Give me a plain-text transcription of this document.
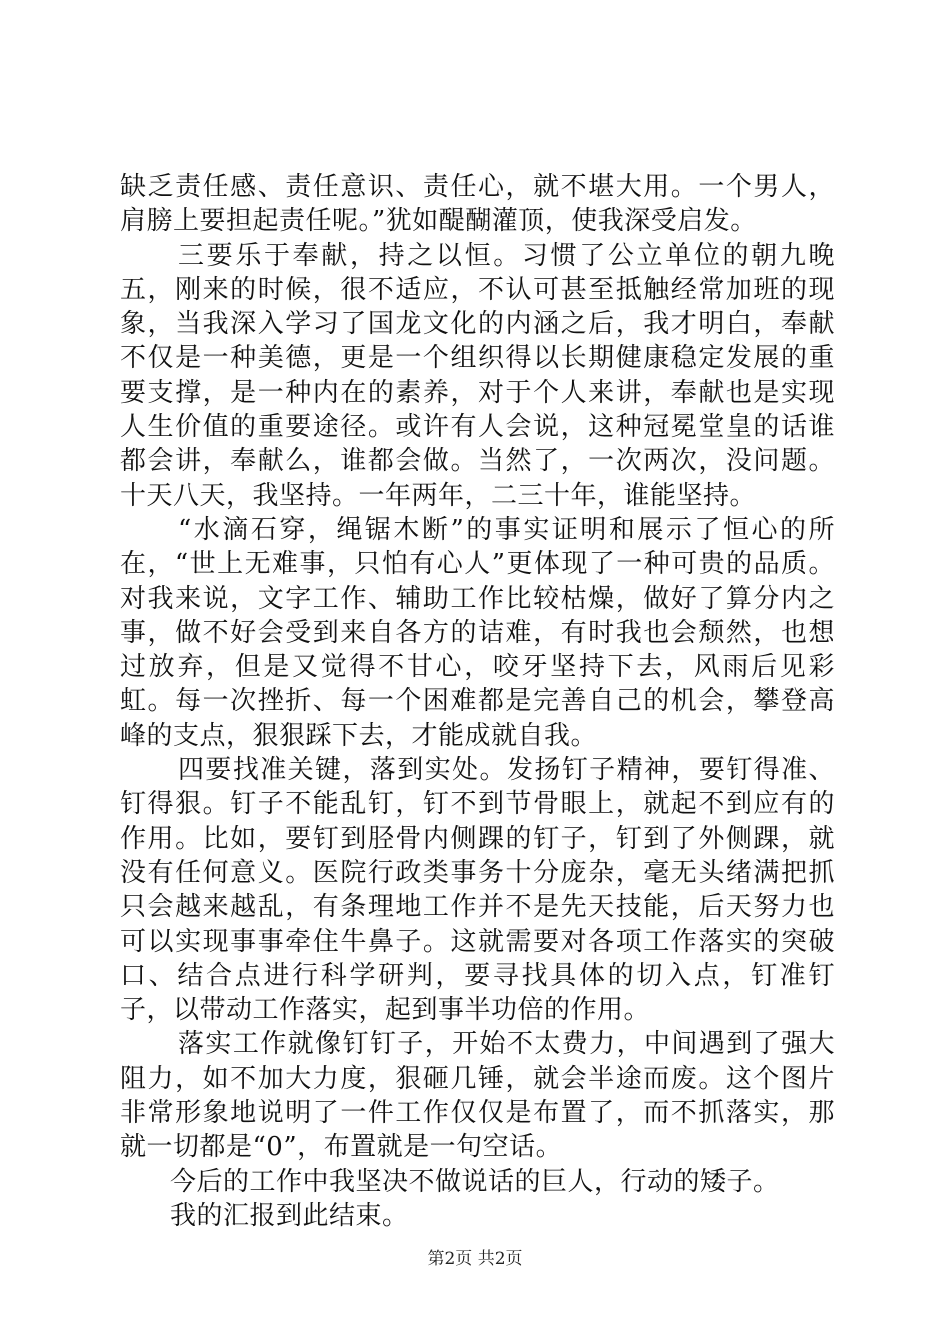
缺乏责任感、责任意识、责任心，就不堪大用。一个男人，肩膀上要担起责任呢。”犹如醍醐灌顶，使我深受启发。

三要乐于奉献，持之以恒。习惯了公立单位的朝九晚五，刚来的时候，很不适应，不认可甚至抵触经常加班的现象，当我深入学习了国龙文化的内涵之后，我才明白，奉献不仅是一种美德，更是一个组织得以长期健康稳定发展的重要支撑，是一种内在的素养，对于个人来讲，奉献也是实现人生价值的重要途径。或许有人会说，这种冠冕堂皇的话谁都会讲，奉献么，谁都会做。当然了，一次两次，没问题。十天八天，我坚持。一年两年，二三十年，谁能坚持。

“水滴石穿，绳锯木断”的事实证明和展示了恒心的所在，“世上无难事，只怕有心人”更体现了一种可贵的品质。对我来说，文字工作、辅助工作比较枯燥，做好了算分内之事，做不好会受到来自各方的诘难，有时我也会颓然，也想过放弃，但是又觉得不甘心，咬牙坚持下去，风雨后见彩虹。每一次挫折、每一个困难都是完善自己的机会，攀登高峰的支点，狠狠踩下去，才能成就自我。

四要找准关键，落到实处。发扬钉子精神，要钉得准、钉得狠。钉子不能乱钉，钉不到节骨眼上，就起不到应有的作用。比如，要钉到胫骨内侧踝的钉子，钉到了外侧踝，就没有任何意义。医院行政类事务十分庞杂，毫无头绪满把抓只会越来越乱，有条理地工作并不是先天技能，后天努力也可以实现事事牵住牛鼻子。这就需要对各项工作落实的突破口、结合点进行科学研判，要寻找具体的切入点，钉准钉子，以带动工作落实，起到事半功倍的作用。

落实工作就像钉钉子，开始不太费力，中间遇到了强大阻力，如不加大力度，狠砸几锤，就会半途而废。这个图片非常形象地说明了一件工作仅仅是布置了，而不抓落实，那就一切都是“0”，布置就是一句空话。

今后的工作中我坚决不做说话的巨人，行动的矮子。

我的汇报到此结束。

第2页 共2页
